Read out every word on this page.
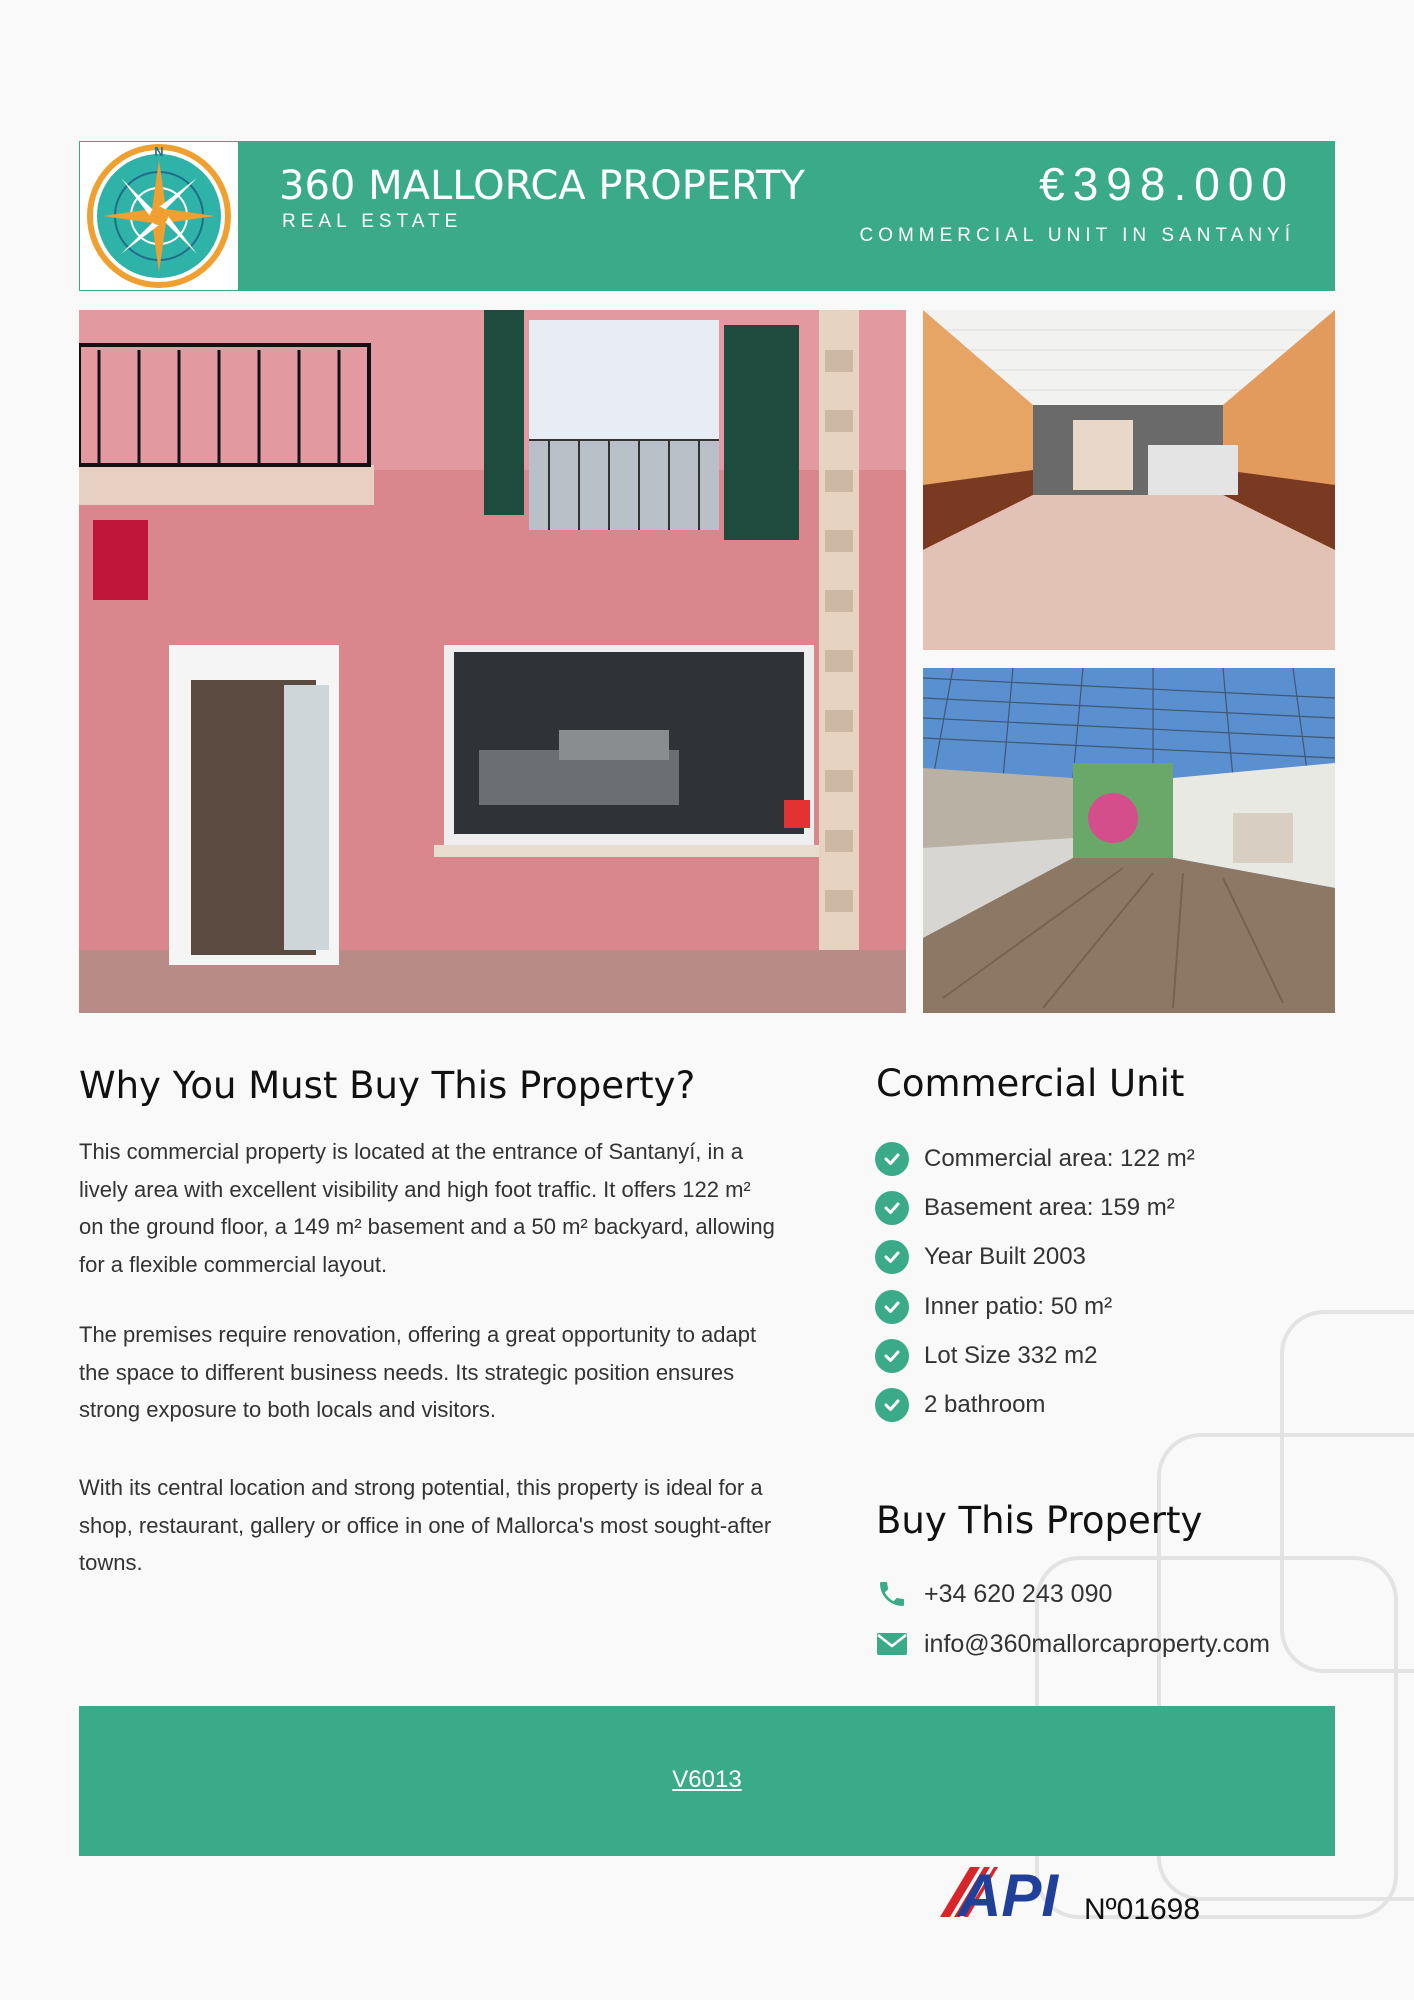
N
360 MALLORCA PROPERTY
REAL ESTATE
€398.000
COMMERCIAL UNIT IN SANTANYÍ
Why You Must Buy This Property?
This commercial property is located at the entrance of Santanyí, in a lively area with excellent visibility and high foot traffic. It offers 122 m² on the ground floor, a 149 m² basement and a 50 m² backyard, allowing for a flexible commercial layout.
The premises require renovation, offering a great opportunity to adapt the space to different business needs. Its strategic position ensures strong exposure to both locals and visitors.
With its central location and strong potential, this property is ideal for a shop, restaurant, gallery or office in one of Mallorca's most sought-after towns.
Commercial Unit
Commercial area: 122 m²
Basement area: 159 m²
Year Built 2003
Inner patio: 50 m²
Lot Size 332 m2
2 bathroom
Buy This Property
+34 620 243 090
info@360mallorcaproperty.com
V6013
API Nº01698
